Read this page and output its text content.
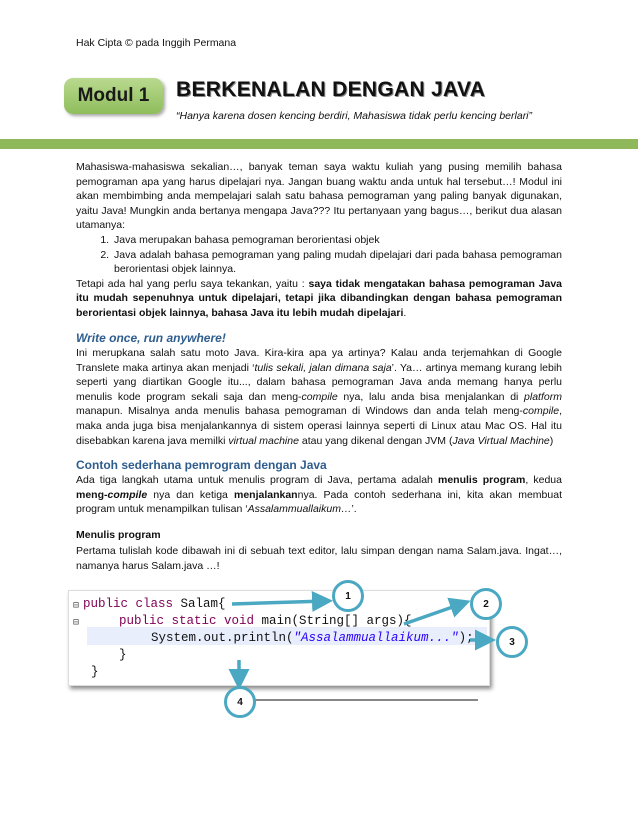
Hak Cipta © pada Inggih Permana
Modul 1	BERKENALAN DENGAN JAVA
“Hanya karena dosen kencing berdiri, Mahasiswa tidak perlu kencing berlari”
Mahasiswa-mahasiswa sekalian…, banyak teman saya waktu kuliah yang pusing memilih bahasa pemograman apa yang harus dipelajari nya. Jangan buang waktu anda untuk hal tersebut…! Modul ini akan membimbing anda mempelajari salah satu bahasa pemograman yang paling banyak digunakan, yaitu Java! Mungkin anda bertanya mengapa Java??? Itu pertanyaan yang bagus…, berikut dua alasan utamanya:
1. Java merupakan bahasa pemograman berorientasi objek
2. Java adalah bahasa pemograman yang paling mudah dipelajari dari pada bahasa pemograman berorientasi objek lainnya.
Tetapi ada hal yang perlu saya tekankan, yaitu : saya tidak mengatakan bahasa pemograman Java itu mudah sepenuhnya untuk dipelajari, tetapi jika dibandingkan dengan bahasa pemograman berorientasi objek lainnya, bahasa Java itu lebih mudah dipelajari.
Write once, run anywhere!
Ini merupkana salah satu moto Java. Kira-kira apa ya artinya? Kalau anda terjemahkan di Google Translete maka artinya akan menjadi ‘tulis sekali, jalan dimana saja’. Ya… artinya memang kurang lebih seperti yang diartikan Google itu..., dalam bahasa pemograman Java anda memang hanya perlu menulis kode program sekali saja dan meng-compile nya, lalu anda bisa menjalankan di platform manapun. Misalnya anda menulis bahasa pemograman di Windows dan anda telah meng-compile, maka anda juga bisa menjalankannya di sistem operasi lainnya seperti di Linux atau Mac OS. Hal itu disebabkan karena java memilki virtual machine atau yang dikenal dengan JVM (Java Virtual Machine)
Contoh sederhana pemrogram dengan Java
Ada tiga langkah utama untuk menulis program di Java, pertama adalah menulis program, kedua meng-compile nya dan ketiga menjalankannya. Pada contoh sederhana ini, kita akan membuat program untuk menampilkan tulisan ‘Assalammuallaikum…’.
Menulis program
Pertama tulislah kode dibawah ini di sebuah text editor, lalu simpan dengan nama Salam.java. Ingat…, namanya harus Salam.java …!
⊟
⊟
public class Salam{
public static void main(String[] args){
System.out.println("Assalammuallaikum...");
}
}
1
2
3
4
